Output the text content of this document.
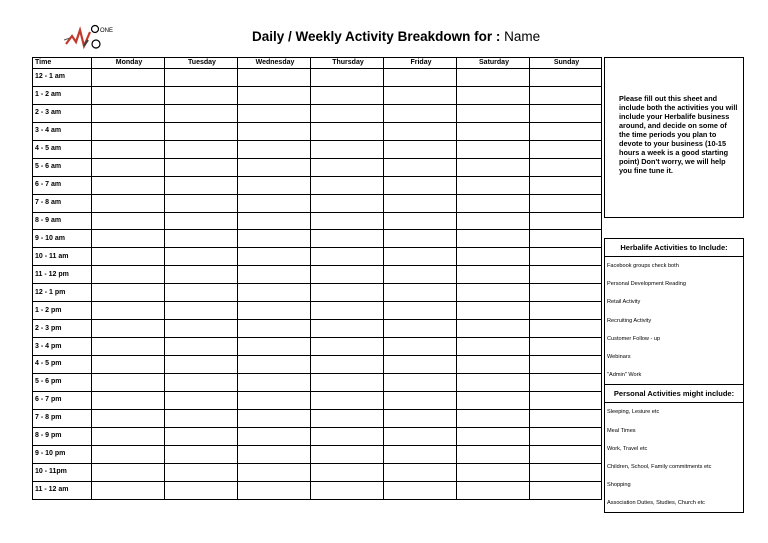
ONE	Daily / Weekly Activity Breakdown for : Name
Time	Monday	Tuesday	Wednesday	Thursday	Friday	Saturday	Sunday
12 - 1 am							
1 - 2 am							
2 - 3 am							
3 - 4 am							
4 - 5 am							
5 - 6 am							
6 - 7 am							
7 - 8 am							
8 - 9 am							
9 - 10 am							
10 - 11 am							
11 - 12 pm							
12 - 1 pm							
1 - 2 pm							
2 - 3 pm							
3 - 4 pm							
4 - 5 pm							
5 - 6 pm							
6 - 7 pm							
7 - 8 pm							
8 - 9 pm							
9 - 10 pm							
10 - 11pm							
11 - 12 am							
Please fill out this sheet and include both the activities you will include your Herbalife business around, and decide on some of the time periods you plan to devote to your business (10-15 hours a week is a good starting point) Don't worry, we will help you fine tune it.
Herbalife Activities to Include:
Facebook groups check both
Personal Development Reading
Retail Activity
Recruiting Activity
Customer Follow - up
Webinars
"Admin" Work
Personal Activities might include:
Sleeping, Lesiure etc
Meal Times
Work, Travel etc
Children, School, Family commitments etc
Shopping
Association Duties, Studies, Church etc
